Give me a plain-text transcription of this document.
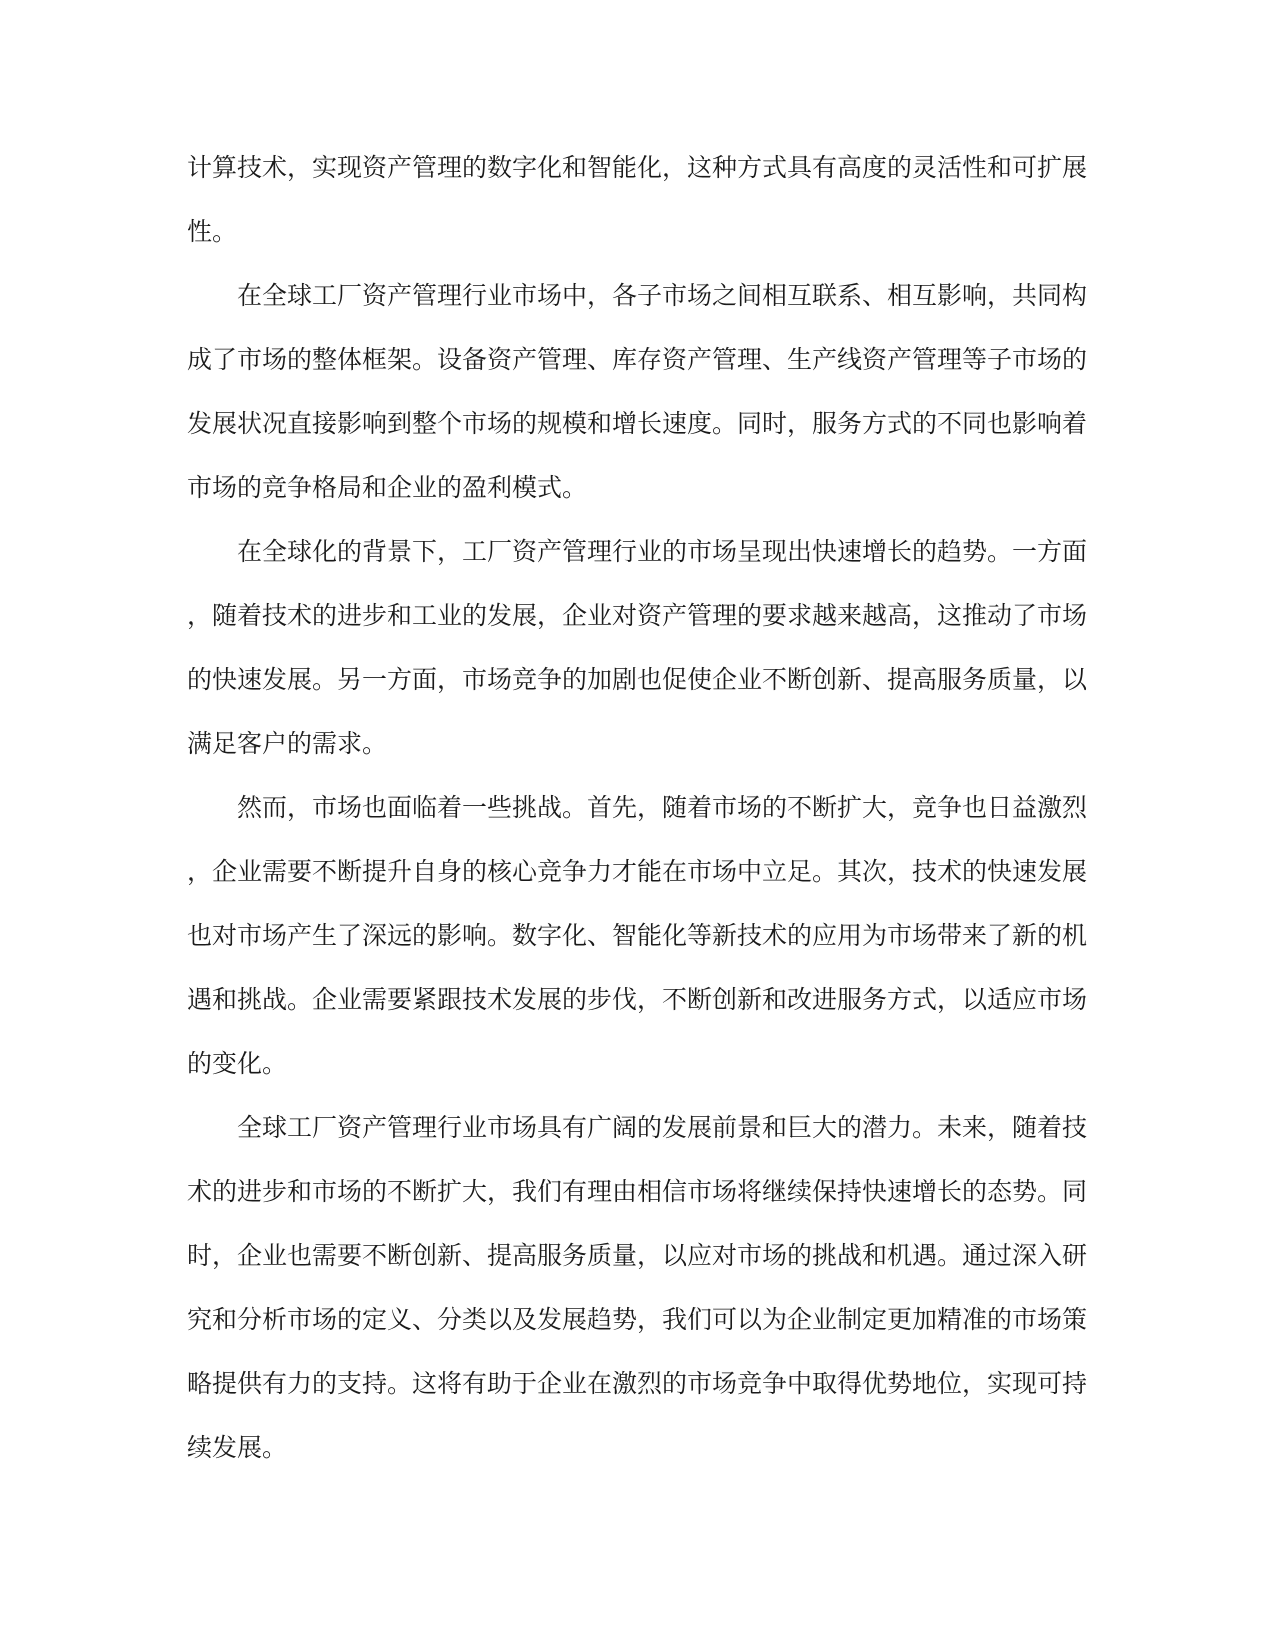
计算技术，实现资产管理的数字化和智能化，这种方式具有高度的灵活性和可扩展
性。
　　在全球工厂资产管理行业市场中，各子市场之间相互联系、相互影响，共同构
成了市场的整体框架。设备资产管理、库存资产管理、生产线资产管理等子市场的
发展状况直接影响到整个市场的规模和增长速度。同时，服务方式的不同也影响着
市场的竞争格局和企业的盈利模式。
　　在全球化的背景下，工厂资产管理行业的市场呈现出快速增长的趋势。一方面
，随着技术的进步和工业的发展，企业对资产管理的要求越来越高，这推动了市场
的快速发展。另一方面，市场竞争的加剧也促使企业不断创新、提高服务质量，以
满足客户的需求。
　　然而，市场也面临着一些挑战。首先，随着市场的不断扩大，竞争也日益激烈
，企业需要不断提升自身的核心竞争力才能在市场中立足。其次，技术的快速发展
也对市场产生了深远的影响。数字化、智能化等新技术的应用为市场带来了新的机
遇和挑战。企业需要紧跟技术发展的步伐，不断创新和改进服务方式，以适应市场
的变化。
　　全球工厂资产管理行业市场具有广阔的发展前景和巨大的潜力。未来，随着技
术的进步和市场的不断扩大，我们有理由相信市场将继续保持快速增长的态势。同
时，企业也需要不断创新、提高服务质量，以应对市场的挑战和机遇。通过深入研
究和分析市场的定义、分类以及发展趋势，我们可以为企业制定更加精准的市场策
略提供有力的支持。这将有助于企业在激烈的市场竞争中取得优势地位，实现可持
续发展。
